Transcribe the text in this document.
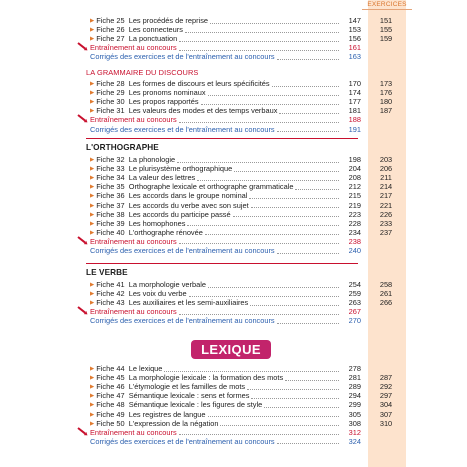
EXERCICES
▶ Fiche 25  Les procédés de reprise	147	151
▶ Fiche 26  Les connecteurs	153	155
▶ Fiche 27  La ponctuation	156	159
Entraînement au concours	161
Corrigés des exercices et de l'entraînement au concours	163
LA GRAMMAIRE DU DISCOURS
▶ Fiche 28  Les formes de discours et leurs spécificités	170	173
▶ Fiche 29  Les pronoms nominaux	174	176
▶ Fiche 30  Les propos rapportés	177	180
▶ Fiche 31  Les valeurs des modes et des temps verbaux	181	187
Entraînement au concours	188
Corrigés des exercices et de l'entraînement au concours	191
L'ORTHOGRAPHE
▶ Fiche 32  La phonologie	198	203
▶ Fiche 33  Le plurisystème orthographique	204	206
▶ Fiche 34  La valeur des lettres	208	211
▶ Fiche 35  Orthographe lexicale et orthographe grammaticale	212	214
▶ Fiche 36  Les accords dans le groupe nominal	215	217
▶ Fiche 37  Les accords du verbe avec son sujet	219	221
▶ Fiche 38  Les accords du participe passé	223	226
▶ Fiche 39  Les homophones	228	233
▶ Fiche 40  L'orthographe rénovée	234	237
Entraînement au concours	238
Corrigés des exercices et de l'entraînement au concours	240
LE VERBE
▶ Fiche 41  La morphologie verbale	254	258
▶ Fiche 42  Les voix du verbe	259	261
▶ Fiche 43  Les auxiliaires et les semi-auxiliaires	263	266
Entraînement au concours	267
Corrigés des exercices et de l'entraînement au concours	270
LEXIQUE
▶ Fiche 44  Le lexique	278
▶ Fiche 45  La morphologie lexicale : la formation des mots	281	287
▶ Fiche 46  L'étymologie et les familles de mots	289	292
▶ Fiche 47  Sémantique lexicale : sens et formes	294	297
▶ Fiche 48  Sémantique lexicale : les figures de style	299	304
▶ Fiche 49  Les registres de langue	305	307
▶ Fiche 50  L'expression de la négation	308	310
Entraînement au concours	312
Corrigés des exercices et de l'entraînement au concours	324
